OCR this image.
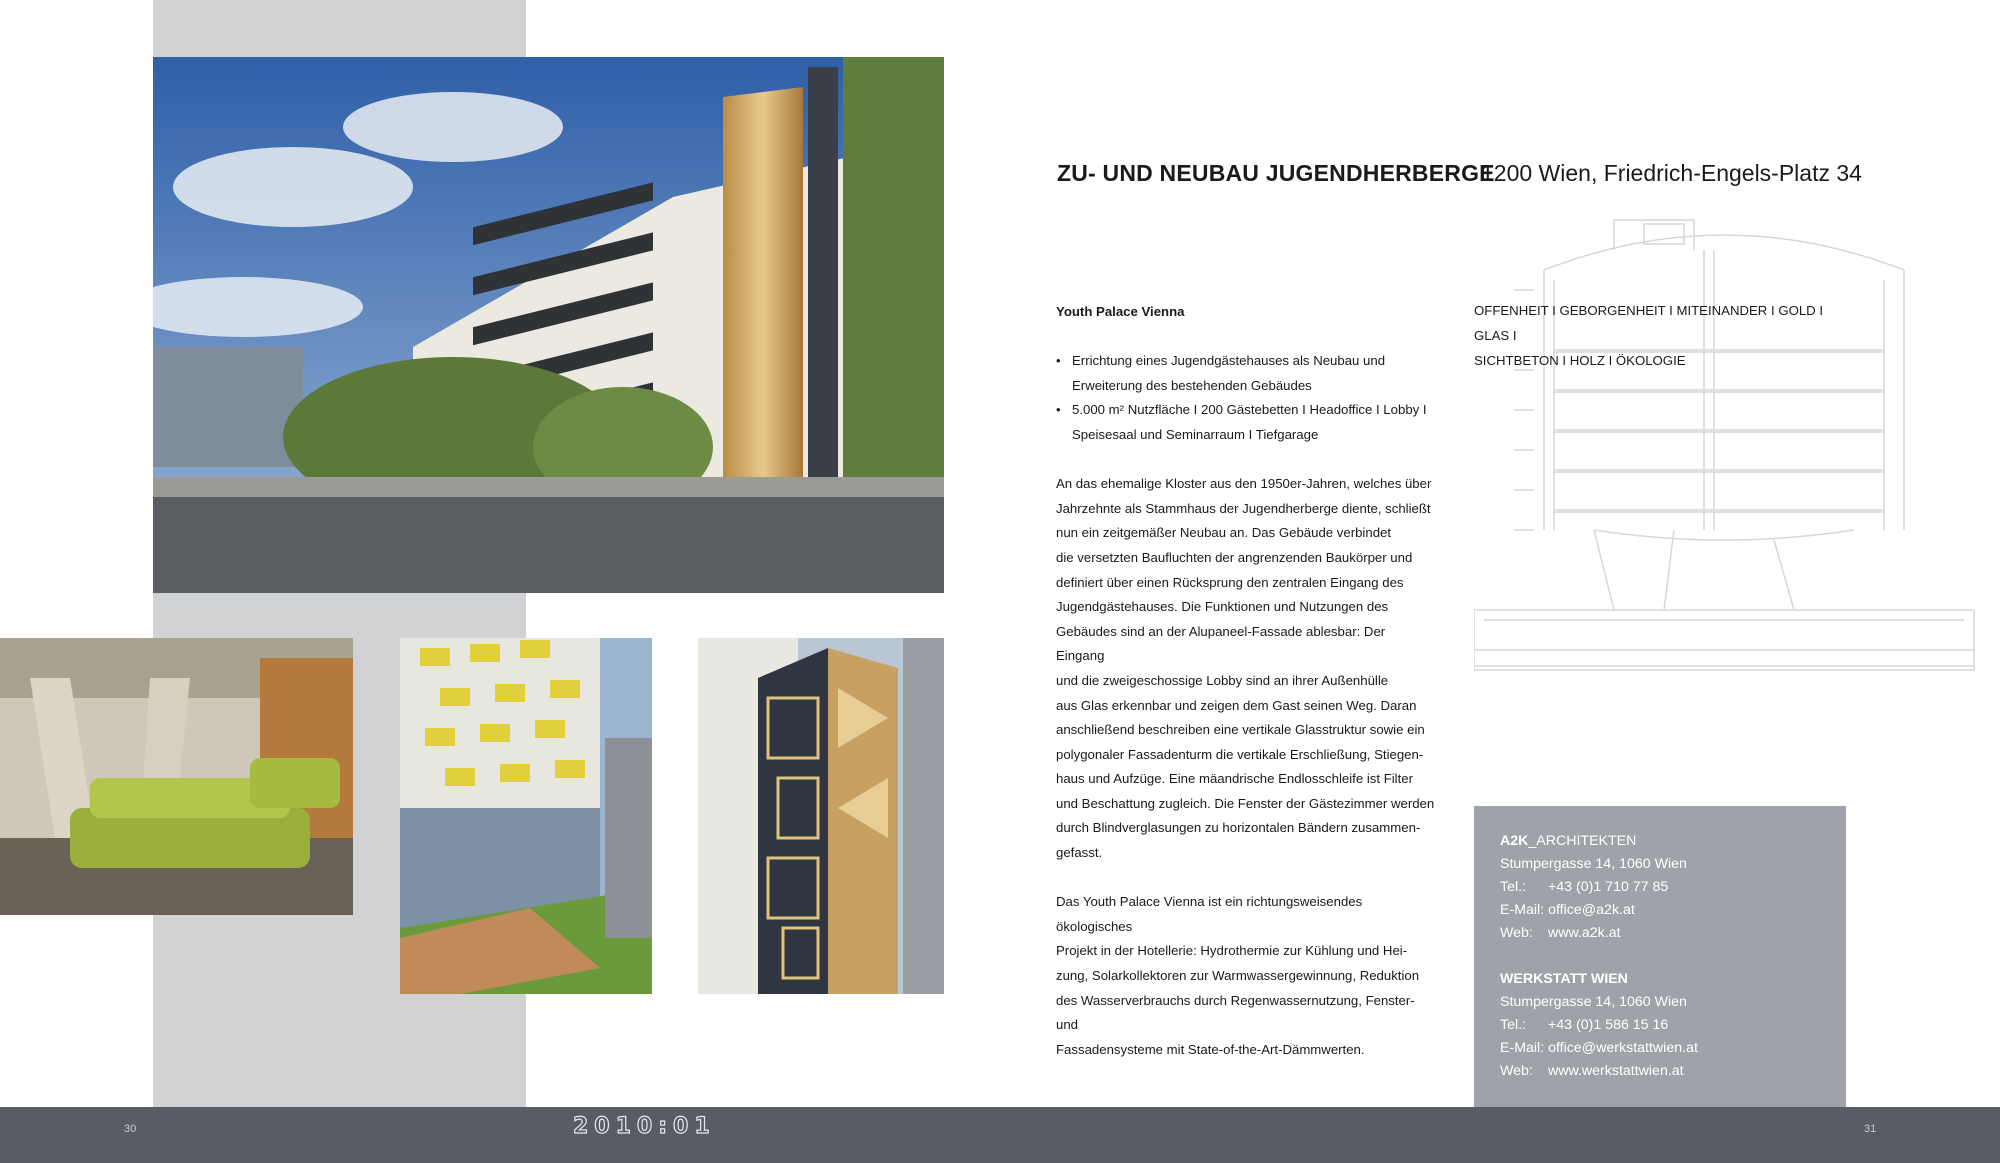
ZU- UND NEUBAU JUGENDHERBERGE
1200 Wien, Friedrich-Engels-Platz 34
Youth Palace Vienna
• Errichtung eines Jugendgästehauses als Neubau und
Erweiterung des bestehenden Gebäudes
• 5.000 m² Nutzfläche I 200 Gästebetten I Headoffice I Lobby I
Speisesaal und Seminarraum I Tiefgarage
An das ehemalige Kloster aus den 1950er-Jahren, welches über
Jahrzehnte als Stammhaus der Jugendherberge diente, schließt
nun ein zeitgemäßer Neubau an. Das Gebäude verbindet
die versetzten Baufluchten der angrenzenden Baukörper und
definiert über einen Rücksprung den zentralen Eingang des
Jugendgästehauses. Die Funktionen und Nutzungen des
Gebäudes sind an der Alupaneel-Fassade ablesbar: Der Eingang
und die zweigeschossige Lobby sind an ihrer Außenhülle
aus Glas erkennbar und zeigen dem Gast seinen Weg. Daran
anschließend beschreiben eine vertikale Glasstruktur sowie ein
polygonaler Fassadenturm die vertikale Erschließung, Stiegen-
haus und Aufzüge. Eine mäandrische Endlosschleife ist Filter
und Beschattung zugleich. Die Fenster der Gästezimmer werden
durch Blindverglasungen zu horizontalen Bändern zusammen-
gefasst.
Das Youth Palace Vienna ist ein richtungsweisendes ökologisches
Projekt in der Hotellerie: Hydrothermie zur Kühlung und Hei-
zung, Solarkollektoren zur Warmwassergewinnung, Reduktion
des Wasserverbrauchs durch Regenwassernutzung, Fenster- und
Fassadensysteme mit State-of-the-Art-Dämmwerten.
OFFENHEIT I GEBORGENHEIT I MITEINANDER I GOLD I GLAS I
SICHTBETON I HOLZ I ÖKOLOGIE
A2K_ARCHITEKTEN
Stumpergasse 14, 1060 Wien
Tel.: +43 (0)1 710 77 85
E-Mail: office@a2k.at
Web: www.a2k.at
WERKSTATT WIEN
Stumpergasse 14, 1060 Wien
Tel.: +43 (0)1 586 15 16
E-Mail: office@werkstattwien.at
Web: www.werkstattwien.at
30	2010:01	31
